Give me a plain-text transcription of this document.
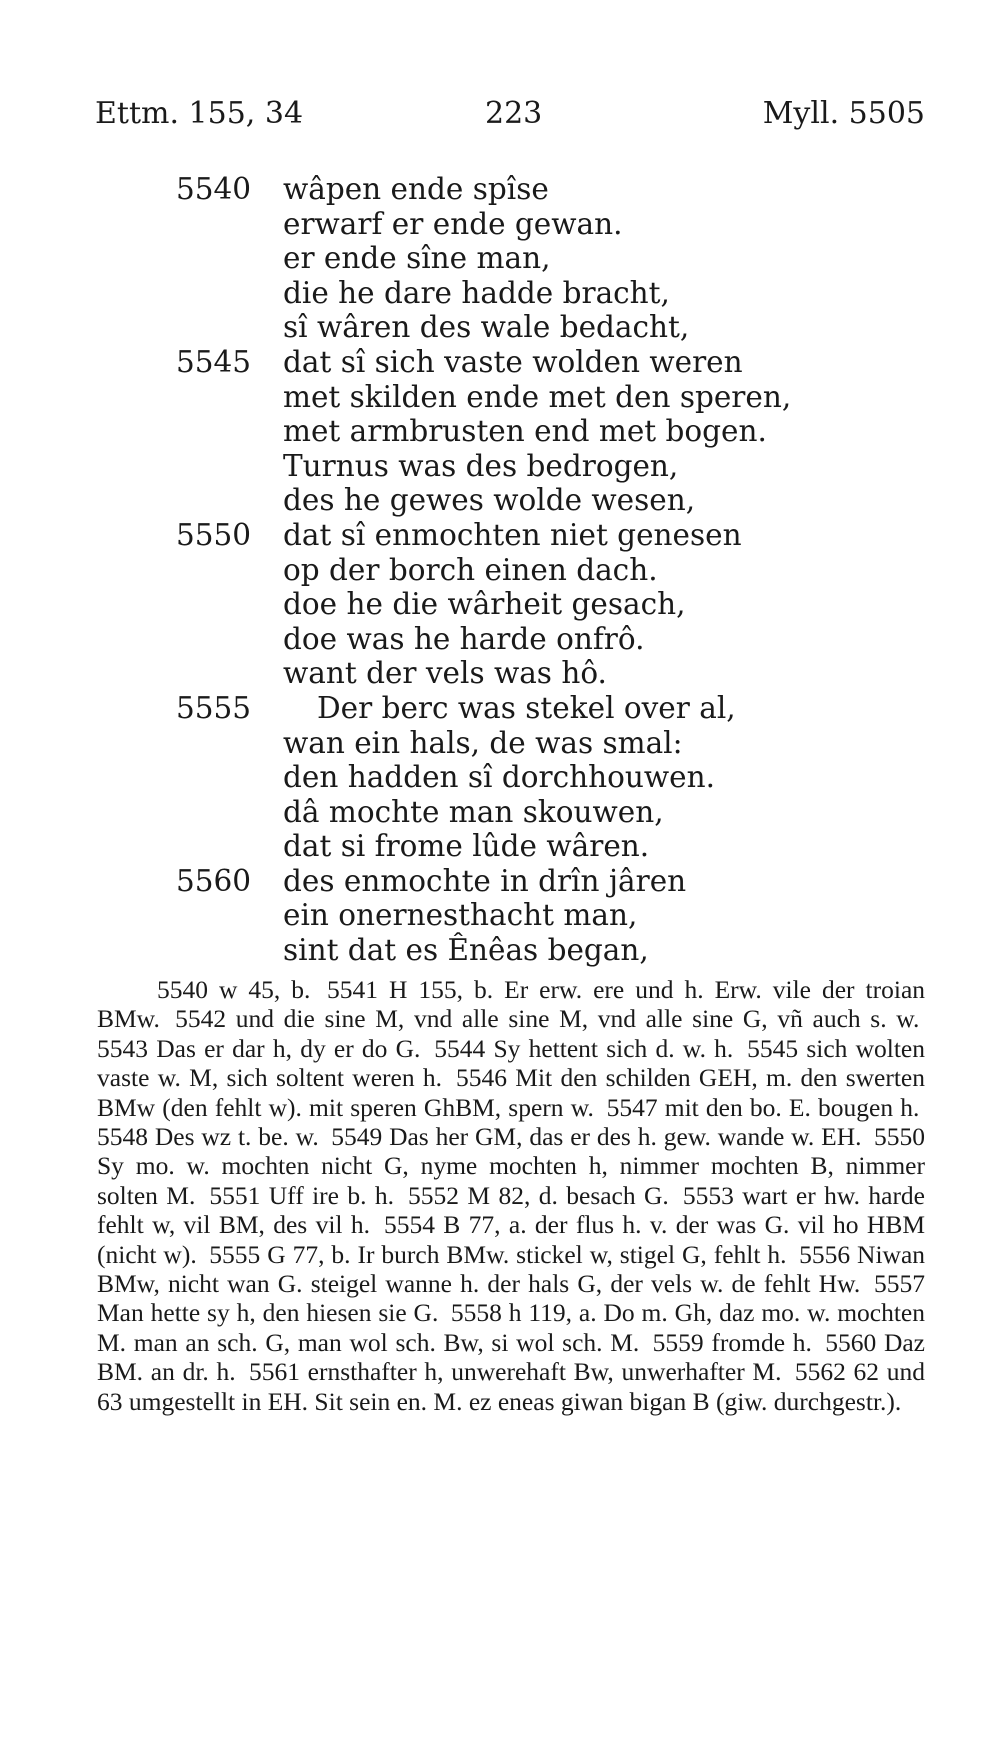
Ettm. 155, 34	223	Myll. 5505
5540 wâpen ende spîse
erwarf er ende gewan.
er ende sîne man,
die he dare hadde bracht,
sî wâren des wale bedacht,
5545 dat sî sich vaste wolden weren
met skilden ende met den speren,
met armbrusten end met bogen.
Turnus was des bedrogen,
des he gewes wolde wesen,
5550 dat sî enmochten niet genesen
op der borch einen dach.
doe he die wârheit gesach,
doe was he harde onfrô.
want der vels was hô.
5555 Der berc was stekel over al,
wan ein hals, de was smal:
den hadden sî dorchhouwen.
dâ mochte man skouwen,
dat si frome lûde wâren.
5560 des enmochte in drîn jâren
ein onernesthacht man,
sint dat es Ênêas began,
5540 w 45, b. 5541 H 155, b. Er erw. ere und h. Erw. vile der troian BMw. 5542 und die sine M, vnd alle sine M, vnd alle sine G, vñ auch s. w. 5543 Das er dar h, dy er do G. 5544 Sy hettent sich d. w. h. 5545 sich wolten vaste w. M, sich soltent weren h. 5546 Mit den schilden GEH, m. den swerten BMw (den fehlt w). mit speren GhBM, spern w. 5547 mit den bo. E. bougen h. 5548 Des wz t. be. w. 5549 Das her GM, das er des h. gew. wande w. EH. 5550 Sy mo. w. mochten nicht G, nyme mochten h, nimmer mochten B, nimmer solten M. 5551 Uff ire b. h. 5552 M 82, d. besach G. 5553 wart er hw. harde fehlt w, vil BM, des vil h. 5554 B 77, a. der flus h. v. der was G. vil ho HBM (nicht w). 5555 G 77, b. Ir burch BMw. stickel w, stigel G, fehlt h. 5556 Niwan BMw, nicht wan G. steigel wanne h. der hals G, der vels w. de fehlt Hw. 5557 Man hette sy h, den hiesen sie G. 5558 h 119, a. Do m. Gh, daz mo. w. mochten M. man an sch. G, man wol sch. Bw, si wol sch. M. 5559 fromde h. 5560 Daz BM. an dr. h. 5561 ernsthafter h, unwerehaft Bw, unwerhafter M. 5562 62 und 63 umgestellt in EH. Sit sein en. M. ez eneas giwan bigan B (giw. durchgestr.).
